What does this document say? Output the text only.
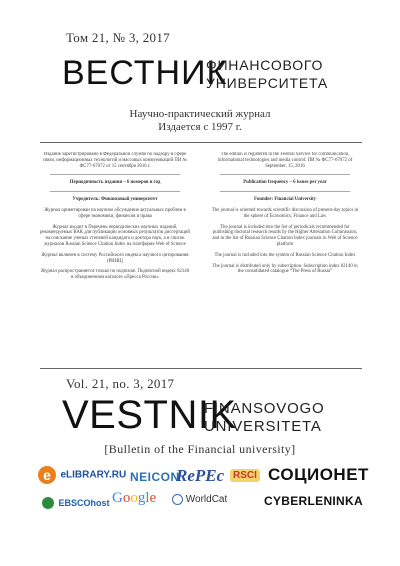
Том 21, № 3, 2017
ВЕСТНИК
ФИНАНСОВОГО
УНИВЕРСИТЕТА
Научно-практический журнал
Издается с 1997 г.
Издание зарегистрировано в Федеральной службе по надзору в сфере связи, информационных технологий и массовых коммуникаций ПИ № ФС77-67072 от 15 сентября 2016 г.
Периодичность издания – 6 номеров в год
Учредитель: Финансовый университет
Журнал ориентирован на научное обсуждение актуальных проблем в сфере экономики, финансов и права
Журнал входит в Перечень периодических научных изданий, рекомендуемых ВАК для публикации основных результатов диссертаций на соискание ученых степеней кандидата и доктора наук, а в список журналов Russian Science Citation Index на платформе Web of Science
Журнал включен в систему Российского индекса научного цитирования (РИНЦ)
Журнал распространяется только по подписке. Подписной индекс 82140 в объединенном каталоге «Пресса России»
The edition is registered in the Federal Service for communication, informational technologies and media control: ПИ № ФС77-67072 of September, 15, 2016
Publication frequency – 6 issues per year
Founder: Financial University
The journal is oriented towards scientific discussion of present-day topics in the sphere of Economics, Finance and Law
The journal is included into the list of periodicals recommended for publishing doctoral research results by the Higher Attestation Commission, and in the list of Russian Science Citation Index journals in Web of Science platform
The journal is included into the system of Russian Science Citation Index
The journal is distributed only by subscription. Subscription index 82140 in the consolidated catalogue “The Press of Russia”
Vol. 21, no. 3, 2017
VESTNIK
FINANSOVOGO
UNIVERSITETA
[Bulletin of the Financial university]
e eLIBRARY.RU NEICON
RePEc RSCI СОЦИОНЕТ
EBSCOhost Google	WorldCat	CYBERLENINKA
